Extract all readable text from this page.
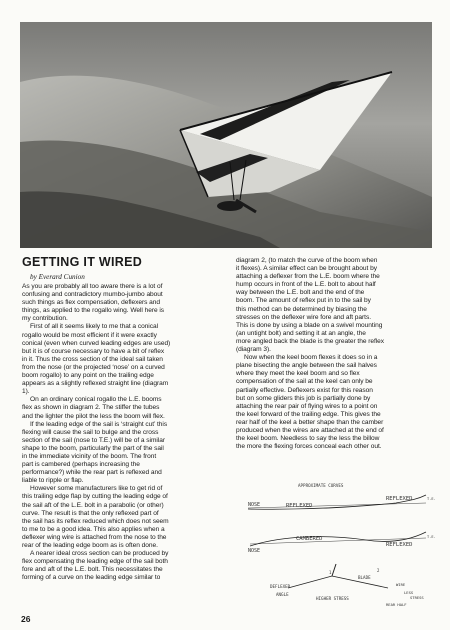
GETTING IT WIRED
by Everard Cunion

As you are probably all too aware there is a lot of

confusing and contradictory mumbo-jumbo about

such things as flex compensation, deflexers and

things, as applied to the rogallo wing. Well here is

my contribution.

First of all it seems likely to me that a conical

rogallo would be most efficient if it were exactly

conical (even when curved leading edges are used)

but it is of course necessary to have a bit of reflex

in it. Thus the cross section of the ideal sail taken

from the nose (or the projected ‘nose’ on a curved

boom rogallo) to any point on the trailing edge

appears as a slightly reflexed straight line (diagram

1).

On an ordinary conical rogallo the L.E. booms

flex as shown in diagram 2. The stiffer the tubes

and the lighter the pilot the less the boom will flex.

If the leading edge of the sail is ‘straight cut’ this

flexing will cause the sail to bulge and the cross

section of the sail (nose to T.E.) will be of a similar

shape to the boom, particularly the part of the sail

in the immediate vicinity of the boom. The front

part is cambered (perhaps increasing the

performance?) while the rear part is reflexed and

liable to ripple or flap.

However some manufacturers like to get rid of

this trailing edge flap by cutting the leading edge of

the sail aft of the L.E. bolt in a parabolic (or other)

curve. The result is that the only reflexed part of

the sail has its reflex reduced which does not seem

to me to be a good idea. This also applies when a

deflexer wing wire is attached from the nose to the

rear of the leading edge boom as is often done.

A nearer ideal cross section can be produced by

flex compensating the leading edge of the sail both

fore and aft of the L.E. bolt. This necessitates the

forming of a curve on the leading edge similar to

diagram 2, (to match the curve of the boom when

it flexes). A similar effect can be brought about by

attaching a deflexer from the L.E. boom where the

hump occurs in front of the L.E. bolt to about half

way between the L.E. bolt and the end of the

boom. The amount of reflex put in to the sail by

this method can be determined by biasing the

stresses on the deflexer wire fore and aft parts.

This is done by using a blade on a swivel mounting

(an untight bolt) and setting it at an angle, the

more angled back the blade is the greater the reflex

(diagram 3).

Now when the keel boom flexes it does so in a

plane bisecting the angle between the sail halves

where they meet the keel boom and so flex

compensation of the sail at the keel can only be

partially effective. Deflexers exist for this reason

but on some gliders this job is partially done by

attaching the rear pair of flying wires to a point on

the keel forward of the trailing edge. This gives the

rear half of the keel a better shape than the camber

produced when the wires are attached at the end of

the keel boom. Needless to say the less the billow

the more the flexing forces conceal each other out.

APPROXIMATE CURVES
NOSE	REFLEXED
REFLEXED	T.E.
NOSE
CAMBERED
REFLEXED
T.E.
1	2
BLADE
DEFLEXER
ANGLE
HIGHER STRESS
LESS
WIRE
STRESS
REAR HALF
26
